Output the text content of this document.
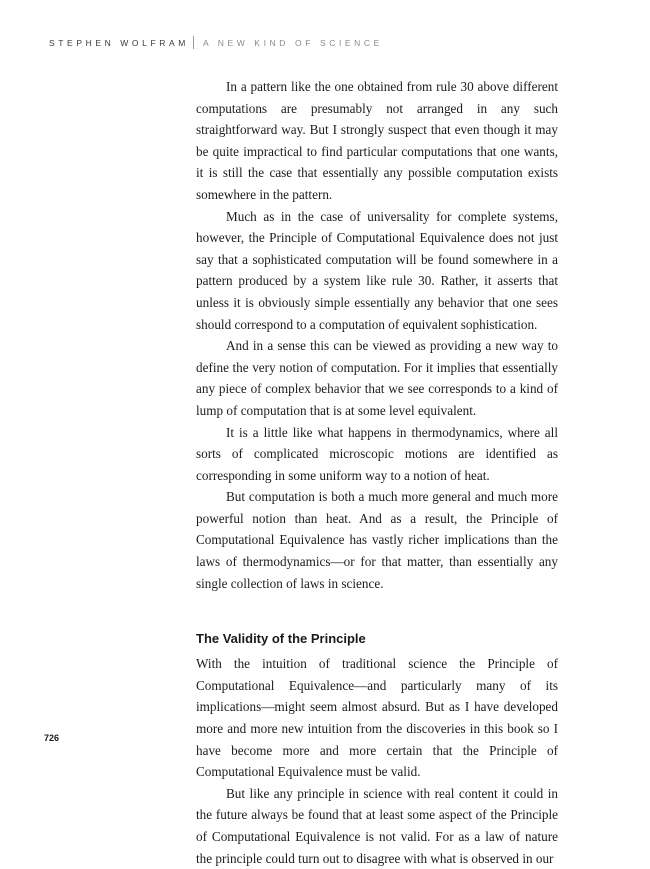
STEPHEN WOLFRAM A NEW KIND OF SCIENCE

In a pattern like the one obtained from rule 30 above different computations are presumably not arranged in any such straightforward way. But I strongly suspect that even though it may be quite impractical to find particular computations that one wants, it is still the case that essentially any possible computation exists somewhere in the pattern.

Much as in the case of universality for complete systems, however, the Principle of Computational Equivalence does not just say that a sophisticated computation will be found somewhere in a pattern produced by a system like rule 30. Rather, it asserts that unless it is obviously simple essentially any behavior that one sees should correspond to a computation of equivalent sophistication.

And in a sense this can be viewed as providing a new way to define the very notion of computation. For it implies that essentially any piece of complex behavior that we see corresponds to a kind of lump of computation that is at some level equivalent.

It is a little like what happens in thermodynamics, where all sorts of complicated microscopic motions are identified as corresponding in some uniform way to a notion of heat.

But computation is both a much more general and much more powerful notion than heat. And as a result, the Principle of Computational Equivalence has vastly richer implications than the laws of thermodynamics—or for that matter, than essentially any single collection of laws in science.

The Validity of the Principle

With the intuition of traditional science the Principle of Computational Equivalence—and particularly many of its implications—might seem almost absurd. But as I have developed more and more new intuition from the discoveries in this book so I have become more and more certain that the Principle of Computational Equivalence must be valid.

But like any principle in science with real content it could in the future always be found that at least some aspect of the Principle of Computational Equivalence is not valid. For as a law of nature the principle could turn out to disagree with what is observed in our

726
